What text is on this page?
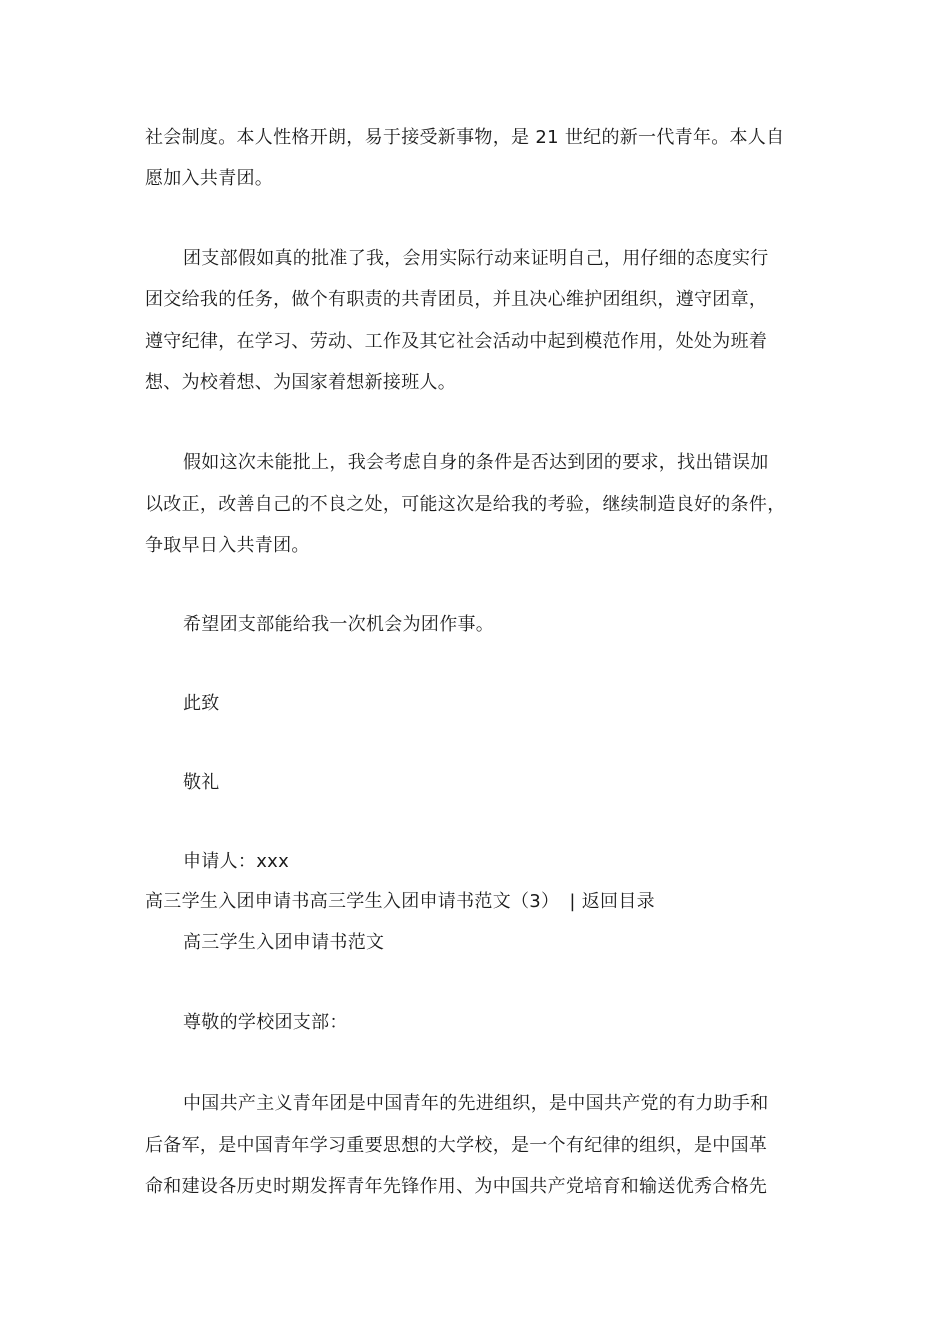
社会制度。本人性格开朗，易于接受新事物，是 21 世纪的新一代青年。本人自
愿加入共青团。
团支部假如真的批准了我，会用实际行动来证明自己，用仔细的态度实行
团交给我的任务，做个有职责的共青团员，并且决心维护团组织，遵守团章，
遵守纪律，在学习、劳动、工作及其它社会活动中起到模范作用，处处为班着
想、为校着想、为国家着想新接班人。
假如这次未能批上，我会考虑自身的条件是否达到团的要求，找出错误加
以改正，改善自己的不良之处，可能这次是给我的考验，继续制造良好的条件，
争取早日入共青团。
希望团支部能给我一次机会为团作事。
此致
敬礼
申请人：xxx
高三学生入团申请书高三学生入团申请书范文（3） | 返回目录
高三学生入团申请书范文
尊敬的学校团支部：
中国共产主义青年团是中国青年的先进组织，是中国共产党的有力助手和
后备军，是中国青年学习重要思想的大学校，是一个有纪律的组织，是中国革
命和建设各历史时期发挥青年先锋作用、为中国共产党培育和输送优秀合格先
